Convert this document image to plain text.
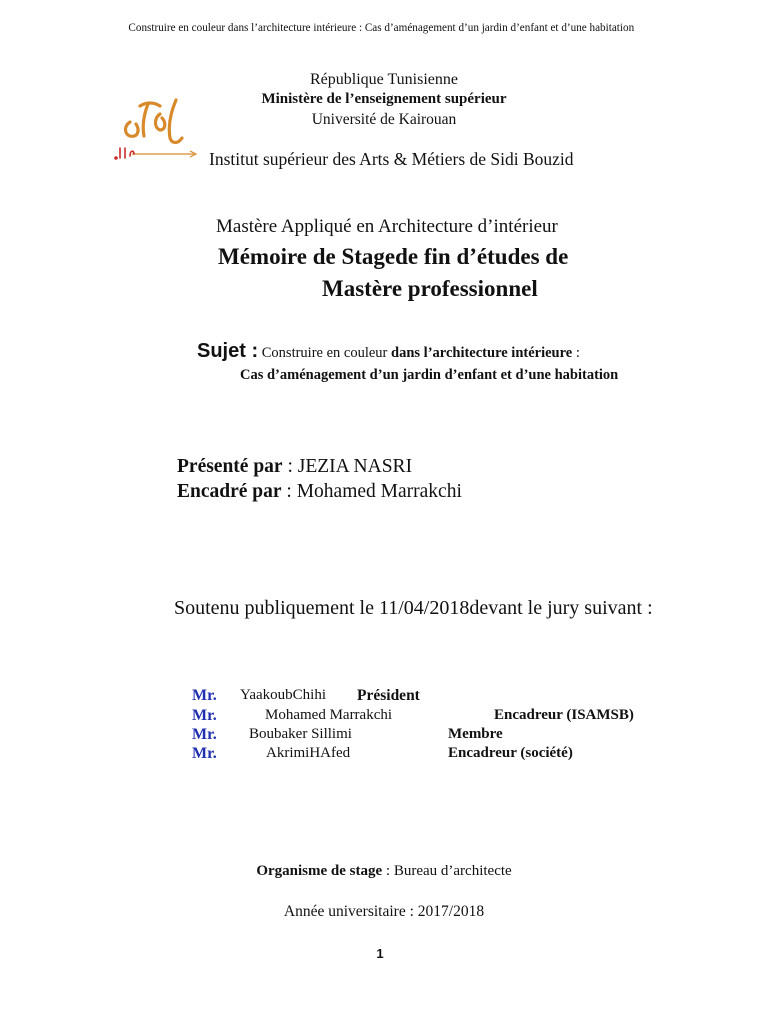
Construire en couleur dans l’architecture intérieure : Cas d’aménagement d’un jardin d’enfant et d’une habitation
République Tunisienne
Ministère de l’enseignement supérieur
Université de Kairouan
Institut supérieur des Arts & Métiers de Sidi Bouzid
Mastère Appliqué en Architecture d’intérieur
Mémoire de Stagede fin d’études de
Mastère professionnel
Sujet : Construire en couleur dans l’architecture intérieure :
Cas d’aménagement d’un jardin d’enfant et d’une habitation
Présenté par : JEZIA NASRI
Encadré par : Mohamed Marrakchi
Soutenu publiquement le 11/04/2018devant le jury suivant :
Mr. YaakoubChihi Président
Mr.	Mohamed Marrakchi	Encadreur (ISAMSB)
Mr. Boubaker Sillimi	Membre
Mr.	AkrimiHAfed	Encadreur (société)
Organisme de stage : Bureau d’architecte
Année universitaire : 2017/2018
1
